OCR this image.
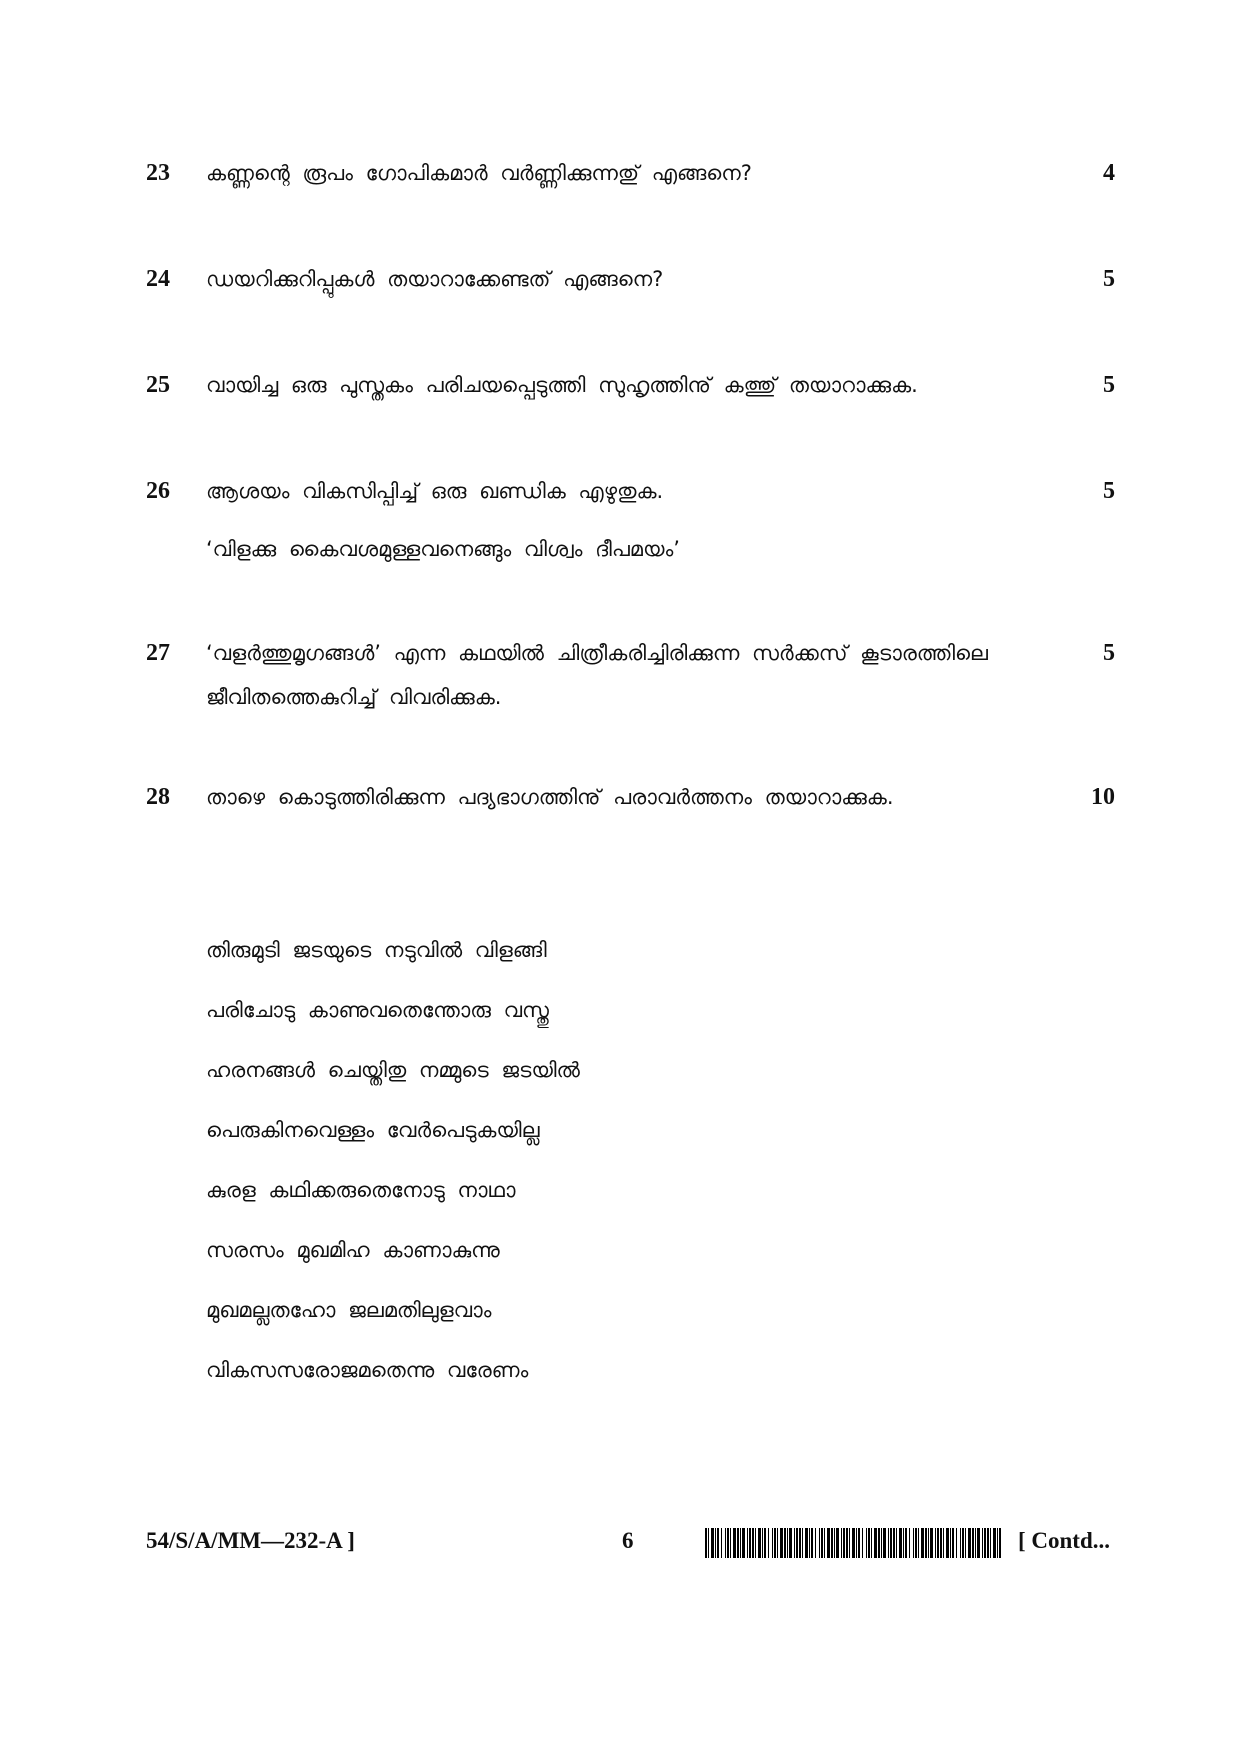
23	കണ്ണന്റെ രൂപം ഗോപികമാർ വർണ്ണിക്കുന്നതു് എങ്ങനെ?	4
24	ഡയറിക്കുറിപ്പുകൾ തയാറാക്കേണ്ടത് എങ്ങനെ?	5
25	വായിച്ച ഒരു പുസ്തകം പരിചയപ്പെടുത്തി സുഹൃത്തിനു് കത്തു് തയാറാക്കുക.	5
26	ആശയം വികസിപ്പിച്ച് ഒരു ഖണ്ഡിക എഴുതുക.	5
‘വിളക്കു കൈവശമുള്ളവനെങ്ങും വിശ്വം ദീപമയം’
27	‘വളർത്തുമൃഗങ്ങൾ’ എന്ന കഥയിൽ ചിത്രീകരിച്ചിരിക്കുന്ന സർക്കസ് കൂടാരത്തിലെ	5
ജീവിതത്തെകുറിച്ച് വിവരിക്കുക.
28	താഴെ കൊടുത്തിരിക്കുന്ന പദ്യഭാഗത്തിനു് പരാവർത്തനം തയാറാക്കുക.	10
തിരുമുടി ജടയുടെ നടുവിൽ വിളങ്ങി
പരിചോടു കാണുവതെന്തോരു വസ്തു
ഹരനങ്ങൾ ചെയ്തിതു നമ്മുടെ ജടയിൽ
പെരുകിനവെള്ളം വേർപെടുകയില്ല
കുരള കഥിക്കരുതെനോടു നാഥാ
സരസം മുഖമിഹ കാണാകുന്നു
മുഖമല്ലതഹോ ജലമതിലുളവാം
വികസസരോജമതെന്നു വരേണം
54/S/A/MM—232-A ]	6	[ Contd...
